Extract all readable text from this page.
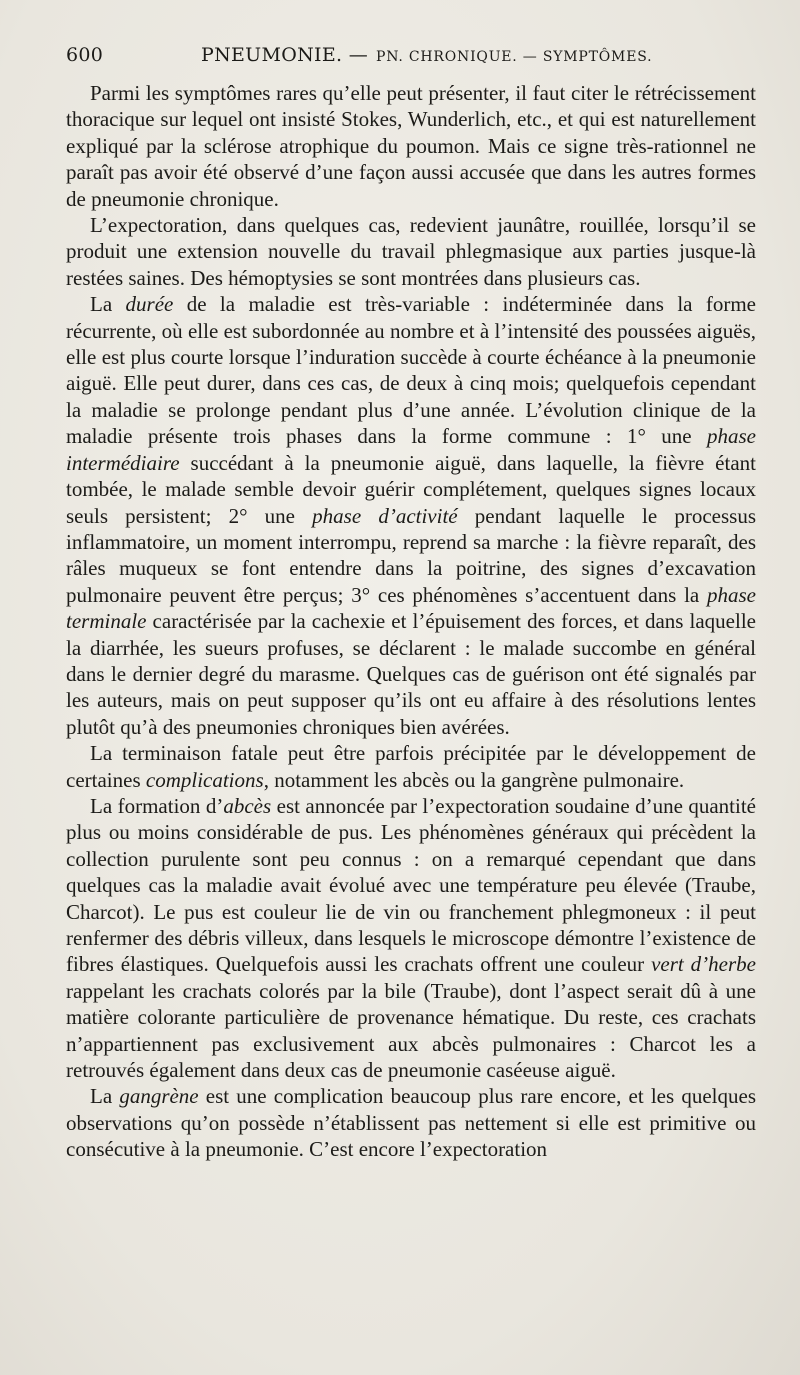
600	PNEUMONIE. — PN. CHRONIQUE. — SYMPTÔMES.

Parmi les symptômes rares qu’elle peut présenter, il faut citer le rétrécissement thoracique sur lequel ont insisté Stokes, Wunderlich, etc., et qui est naturellement expliqué par la sclérose atrophique du poumon. Mais ce signe très-rationnel ne paraît pas avoir été observé d’une façon aussi accusée que dans les autres formes de pneumonie chronique.

L’expectoration, dans quelques cas, redevient jaunâtre, rouillée, lorsqu’il se produit une extension nouvelle du travail phlegmasique aux parties jusque-là restées saines. Des hémoptysies se sont montrées dans plusieurs cas.

La durée de la maladie est très-variable : indéterminée dans la forme récurrente, où elle est subordonnée au nombre et à l’intensité des poussées aiguës, elle est plus courte lorsque l’induration succède à courte échéance à la pneumonie aiguë. Elle peut durer, dans ces cas, de deux à cinq mois; quelquefois cependant la maladie se prolonge pendant plus d’une année. L’évolution clinique de la maladie présente trois phases dans la forme commune : 1° une phase intermédiaire succédant à la pneumonie aiguë, dans laquelle, la fièvre étant tombée, le malade semble devoir guérir complétement, quelques signes locaux seuls persistent; 2° une phase d’activité pendant laquelle le processus inflammatoire, un moment interrompu, reprend sa marche : la fièvre reparaît, des râles muqueux se font entendre dans la poitrine, des signes d’excavation pulmonaire peuvent être perçus; 3° ces phénomènes s’accentuent dans la phase terminale caractérisée par la cachexie et l’épuisement des forces, et dans laquelle la diarrhée, les sueurs profuses, se déclarent : le malade succombe en général dans le dernier degré du marasme. Quelques cas de guérison ont été signalés par les auteurs, mais on peut supposer qu’ils ont eu affaire à des résolutions lentes plutôt qu’à des pneumonies chroniques bien avérées.

La terminaison fatale peut être parfois précipitée par le développement de certaines complications, notamment les abcès ou la gangrène pulmonaire.

La formation d’abcès est annoncée par l’expectoration soudaine d’une quantité plus ou moins considérable de pus. Les phénomènes généraux qui précèdent la collection purulente sont peu connus : on a remarqué cependant que dans quelques cas la maladie avait évolué avec une température peu élevée (Traube, Charcot). Le pus est couleur lie de vin ou franchement phlegmoneux : il peut renfermer des débris villeux, dans lesquels le microscope démontre l’existence de fibres élastiques. Quelquefois aussi les crachats offrent une couleur vert d’herbe rappelant les crachats colorés par la bile (Traube), dont l’aspect serait dû à une matière colorante particulière de provenance hématique. Du reste, ces crachats n’appartiennent pas exclusivement aux abcès pulmonaires : Charcot les a retrouvés également dans deux cas de pneumonie caséeuse aiguë.

La gangrène est une complication beaucoup plus rare encore, et les quelques observations qu’on possède n’établissent pas nettement si elle est primitive ou consécutive à la pneumonie. C’est encore l’expectoration
